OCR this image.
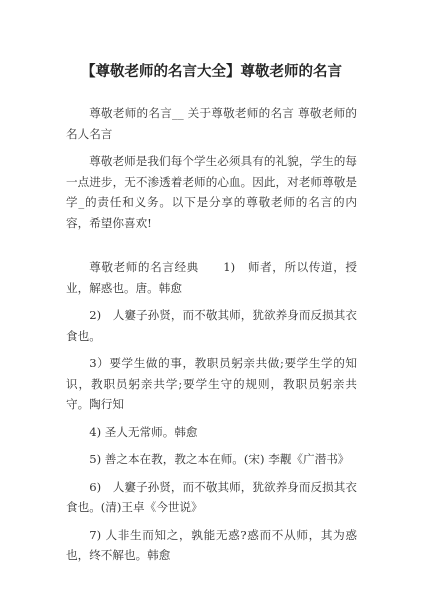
【尊敬老师的名言大全】尊敬老师的名言

尊敬老师的名言__ 关于尊敬老师的名言 尊敬老师的名人名言

尊敬老师是我们每个学生必须具有的礼貌，学生的每一点进步，无不渗透着老师的心血。因此，对老师尊敬是学_的责任和义务。以下是分享的尊敬老师的名言的内容，希望你喜欢!

尊敬老师的名言经典　　1)　师者，所以传道，授业，解惑也。唐。韩愈

2)　人窶子孙贤，而不敬其师，犹欲养身而反损其衣食也。

3）要学生做的事，教职员躬亲共做;要学生学的知识，教职员躬亲共学;要学生守的规则，教职员躬亲共守。陶行知

4) 圣人无常师。韩愈

5) 善之本在教，教之本在师。(宋) 李觏《广潜书》

6)　人窶子孙贤，而不敬其师，犹欲养身而反损其衣食也。(清)王卓《今世说》

7) 人非生而知之，孰能无惑?惑而不从师，其为惑也，终不解也。韩愈
